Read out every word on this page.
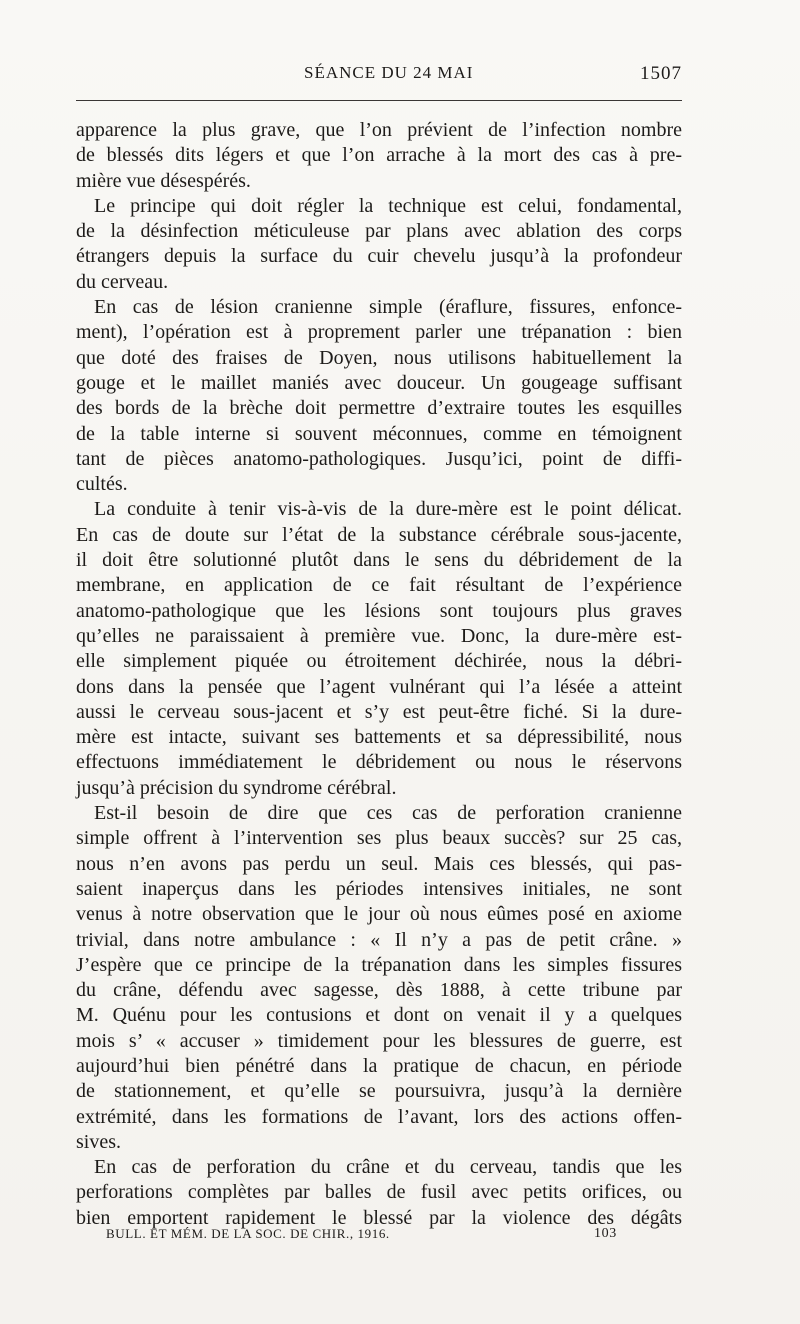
SÉANCE DU 24 MAI	1507
apparence la plus grave, que l’on prévient de l’infection nombre
de blessés dits légers et que l’on arrache à la mort des cas à pre-
mière vue désespérés.
Le principe qui doit régler la technique est celui, fondamental,
de la désinfection méticuleuse par plans avec ablation des corps
étrangers depuis la surface du cuir chevelu jusqu’à la profondeur
du cerveau.
En cas de lésion cranienne simple (éraflure, fissures, enfonce-
ment), l’opération est à proprement parler une trépanation : bien
que doté des fraises de Doyen, nous utilisons habituellement la
gouge et le maillet maniés avec douceur. Un gougeage suffisant
des bords de la brèche doit permettre d’extraire toutes les esquilles
de la table interne si souvent méconnues, comme en témoignent
tant de pièces anatomo-pathologiques. Jusqu’ici, point de diffi-
cultés.
La conduite à tenir vis-à-vis de la dure-mère est le point délicat.
En cas de doute sur l’état de la substance cérébrale sous-jacente,
il doit être solutionné plutôt dans le sens du débridement de la
membrane, en application de ce fait résultant de l’expérience
anatomo-pathologique que les lésions sont toujours plus graves
qu’elles ne paraissaient à première vue. Donc, la dure-mère est-
elle simplement piquée ou étroitement déchirée, nous la débri-
dons dans la pensée que l’agent vulnérant qui l’a lésée a atteint
aussi le cerveau sous-jacent et s’y est peut-être fiché. Si la dure-
mère est intacte, suivant ses battements et sa dépressibilité, nous
effectuons immédiatement le débridement ou nous le réservons
jusqu’à précision du syndrome cérébral.
Est-il besoin de dire que ces cas de perforation cranienne
simple offrent à l’intervention ses plus beaux succès? sur 25 cas,
nous n’en avons pas perdu un seul. Mais ces blessés, qui pas-
saient inaperçus dans les périodes intensives initiales, ne sont
venus à notre observation que le jour où nous eûmes posé en axiome
trivial, dans notre ambulance : « Il n’y a pas de petit crâne. »
J’espère que ce principe de la trépanation dans les simples fissures
du crâne, défendu avec sagesse, dès 1888, à cette tribune par
M. Quénu pour les contusions et dont on venait il y a quelques
mois s’ « accuser » timidement pour les blessures de guerre, est
aujourd’hui bien pénétré dans la pratique de chacun, en période
de stationnement, et qu’elle se poursuivra, jusqu’à la dernière
extrémité, dans les formations de l’avant, lors des actions offen-
sives.
En cas de perforation du crâne et du cerveau, tandis que les
perforations complètes par balles de fusil avec petits orifices, ou
bien emportent rapidement le blessé par la violence des dégâts
BULL. ET MÉM. DE LA SOC. DE CHIR., 1916.	103
